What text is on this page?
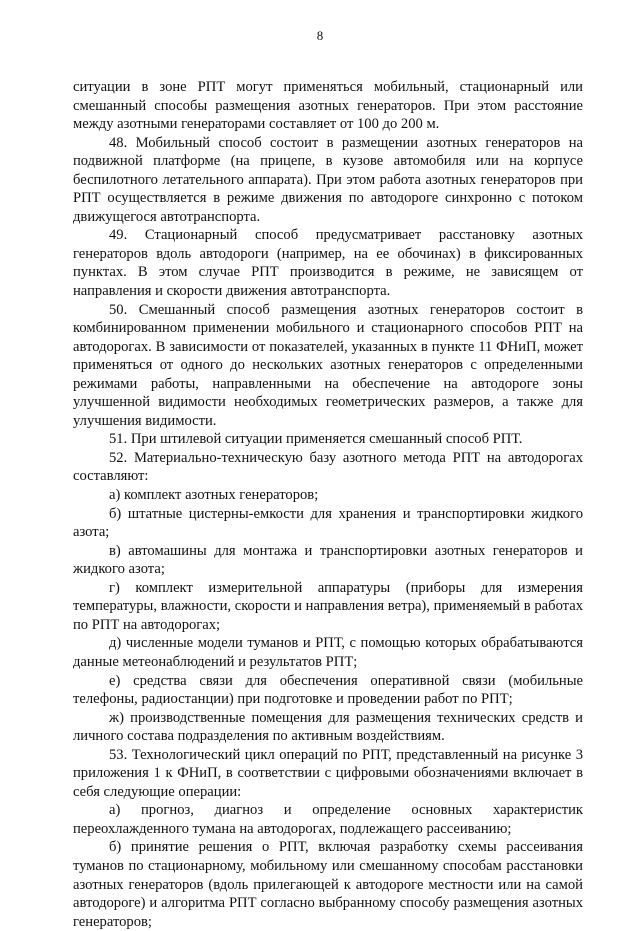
8

ситуации в зоне РПТ могут применяться мобильный, стационарный или смешанный способы размещения азотных генераторов. При этом расстояние между азотными генераторами составляет от 100 до 200 м.

48. Мобильный способ состоит в размещении азотных генераторов на подвижной платформе (на прицепе, в кузове автомобиля или на корпусе беспилотного летательного аппарата). При этом работа азотных генераторов при РПТ осуществляется в режиме движения по автодороге синхронно с потоком движущегося автотранспорта.

49. Стационарный способ предусматривает расстановку азотных генераторов вдоль автодороги (например, на ее обочинах) в фиксированных пунктах. В этом случае РПТ производится в режиме, не зависящем от направления и скорости движения автотранспорта.

50. Смешанный способ размещения азотных генераторов состоит в комбинированном применении мобильного и стационарного способов РПТ на автодорогах. В зависимости от показателей, указанных в пункте 11 ФНиП, может применяться от одного до нескольких азотных генераторов с определенными режимами работы, направленными на обеспечение на автодороге зоны улучшенной видимости необходимых геометрических размеров, а также для улучшения видимости.

51. При штилевой ситуации применяется смешанный способ РПТ.

52. Материально-техническую базу азотного метода РПТ на автодорогах составляют:

а) комплект азотных генераторов;

б) штатные цистерны-емкости для хранения и транспортировки жидкого азота;

в) автомашины для монтажа и транспортировки азотных генераторов и жидкого азота;

г) комплект измерительной аппаратуры (приборы для измерения температуры, влажности, скорости и направления ветра), применяемый в работах по РПТ на автодорогах;

д) численные модели туманов и РПТ, с помощью которых обрабатываются данные метеонаблюдений и результатов РПТ;

е) средства связи для обеспечения оперативной связи (мобильные телефоны, радиостанции) при подготовке и проведении работ по РПТ;

ж) производственные помещения для размещения технических средств и личного состава подразделения по активным воздействиям.

53. Технологический цикл операций по РПТ, представленный на рисунке 3 приложения 1 к ФНиП, в соответствии с цифровыми обозначениями включает в себя следующие операции:

а) прогноз, диагноз и определение основных характеристик переохлажденного тумана на автодорогах, подлежащего рассеиванию;

б) принятие решения о РПТ, включая разработку схемы рассеивания туманов по стационарному, мобильному или смешанному способам расстановки азотных генераторов (вдоль прилегающей к автодороге местности или на самой автодороге) и алгоритма РПТ согласно выбранному способу размещения азотных генераторов;
